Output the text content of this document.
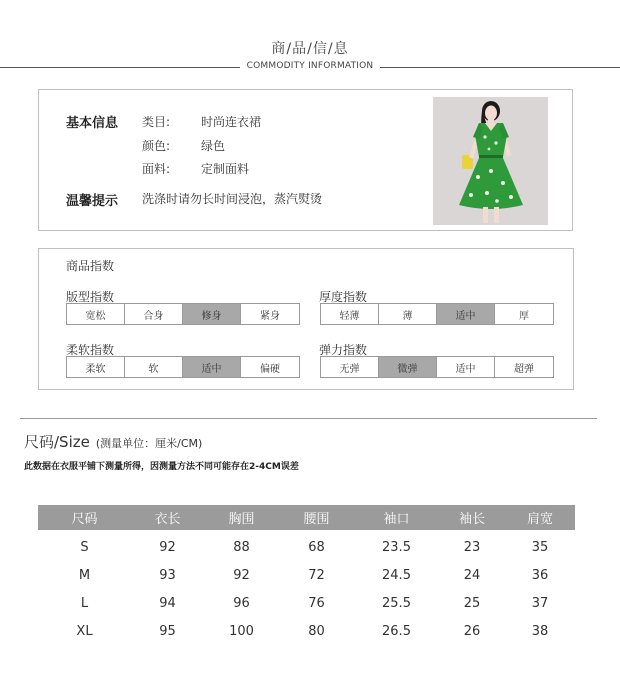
商/品/信/息
COMMODITY INFORMATION
基本信息 类目:	时尚连衣裙
颜色:	绿色
面料:	定制面料
温馨提示 洗涤时请勿长时间浸泡，蒸汽熨烫
商品指数
版型指数
宽松	合身	修身	紧身
厚度指数
轻薄	薄	适中	厚
柔软指数
柔软	软	适中	偏硬
弹力指数
无弹	微弹	适中	超弹
尺码/Size (测量单位：厘米/CM)
此数据在衣服平铺下测量所得，因测量方法不同可能存在2-4CM误差
尺码	衣长	胸围	腰围	袖口	袖长	肩宽
S	92	88	68	23.5	23	35
M	93	92	72	24.5	24	36
L	94	96	76	25.5	25	37
XL	95	100	80	26.5	26	38
